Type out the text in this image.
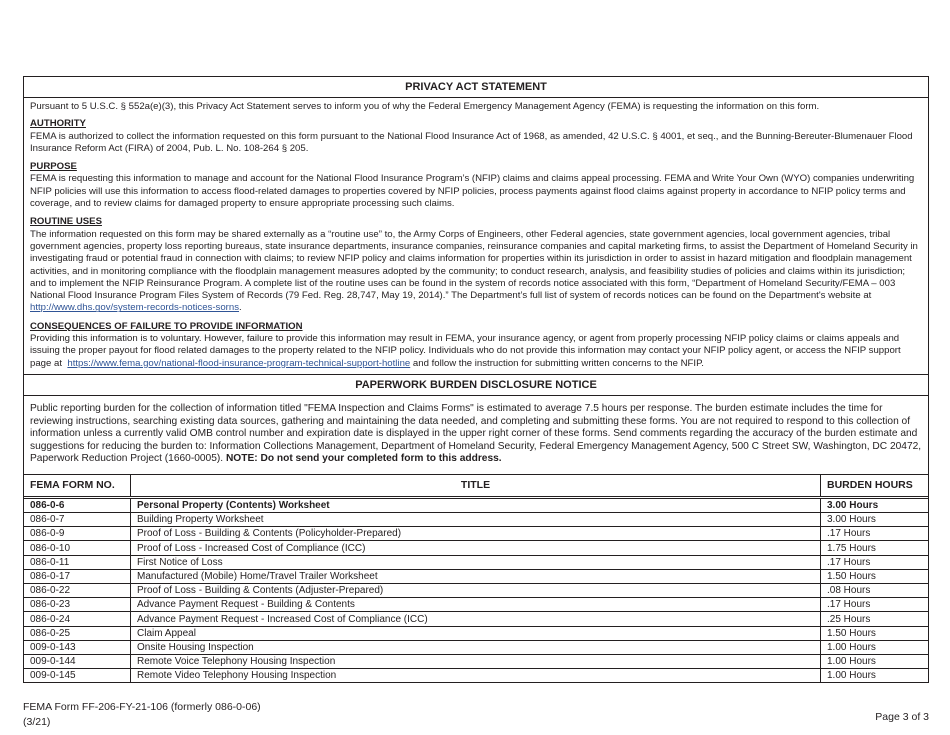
PRIVACY ACT STATEMENT

Pursuant to 5 U.S.C. § 552a(e)(3), this Privacy Act Statement serves to inform you of why the Federal Emergency Management Agency (FEMA) is requesting the information on this form.

AUTHORITY

FEMA is authorized to collect the information requested on this form pursuant to the National Flood Insurance Act of 1968, as amended, 42 U.S.C. § 4001, et seq., and the Bunning-Bereuter-Blumenauer Flood Insurance Reform Act (FIRA) of 2004, Pub. L. No. 108-264 § 205.

PURPOSE

FEMA is requesting this information to manage and account for the National Flood Insurance Program’s (NFIP) claims and claims appeal processing. FEMA and Write Your Own (WYO) companies underwriting NFIP policies will use this information to access flood-related damages to properties covered by NFIP policies, process payments against flood claims against property in accordance to NFIP policy terms and coverage, and to review claims for damaged property to ensure appropriate processing such claims.

ROUTINE USES

The information requested on this form may be shared externally as a “routine use” to, the Army Corps of Engineers, other Federal agencies, state government agencies, local government agencies, tribal government agencies, property loss reporting bureaus, state insurance departments, insurance companies, reinsurance companies and capital marketing firms, to assist the Department of Homeland Security in investigating fraud or potential fraud in connection with claims; to review NFIP policy and claims information for properties within its jurisdiction in order to assist in hazard mitigation and floodplain management activities, and in monitoring compliance with the floodplain management measures adopted by the community; to conduct research, analysis, and feasibility studies of policies and claims within its jurisdiction; and to implement the NFIP Reinsurance Program. A complete list of the routine uses can be found in the system of records notice associated with this form, “Department of Homeland Security/FEMA – 003 National Flood Insurance Program Files System of Records (79 Fed. Reg. 28,747, May 19, 2014).” The Department’s full list of system of records notices can be found on the Department's website at  http://www.dhs.gov/system-records-notices-sorns.

CONSEQUENCES OF FAILURE TO PROVIDE INFORMATION

Providing this information is to voluntary. However, failure to provide this information may result in FEMA, your insurance agency, or agent from properly processing NFIP policy claims or claims appeals and issuing the proper payout for flood related damages to the property related to the NFIP policy. Individuals who do not provide this information may contact your NFIP policy agent, or access the NFIP support page at https://www.fema.gov/national-flood-insurance-program-technical-support-hotline and follow the instruction for submitting written concerns to the NFIP.

PAPERWORK BURDEN DISCLOSURE NOTICE

Public reporting burden for the collection of information titled "FEMA Inspection and Claims Forms" is estimated to average 7.5 hours per response. The burden estimate includes the time for reviewing instructions, searching existing data sources, gathering and maintaining the data needed, and completing and submitting these forms. You are not required to respond to this collection of information unless a currently valid OMB control number and expiration date is displayed in the upper right corner of these forms. Send comments regarding the accuracy of the burden estimate and suggestions for reducing the burden to: Information Collections Management, Department of Homeland Security, Federal Emergency Management Agency, 500 C Street SW, Washington, DC 20472, Paperwork Reduction Project (1660-0005). NOTE: Do not send your completed form to this address.

FEMA FORM NO.	TITLE	BURDEN HOURS
086-0-6	Personal Property (Contents) Worksheet	3.00 Hours
086-0-7	Building Property Worksheet	3.00 Hours
086-0-9	Proof of Loss - Building & Contents (Policyholder-Prepared)	.17 Hours
086-0-10	Proof of Loss - Increased Cost of Compliance (ICC)	1.75 Hours
086-0-11	First Notice of Loss	.17 Hours
086-0-17	Manufactured (Mobile) Home/Travel Trailer Worksheet	1.50 Hours
086-0-22	Proof of Loss - Building & Contents (Adjuster-Prepared)	.08 Hours
086-0-23	Advance Payment Request - Building & Contents	.17 Hours
086-0-24	Advance Payment Request - Increased Cost of Compliance (ICC)	.25 Hours
086-0-25	Claim Appeal	1.50 Hours
009-0-143	Onsite Housing Inspection	1.00 Hours
009-0-144	Remote Voice Telephony Housing Inspection	1.00 Hours
009-0-145	Remote Video Telephony Housing Inspection	1.00 Hours
FEMA Form FF-206-FY-21-106 (formerly 086-0-06)
(3/21)	Page 3 of 3
